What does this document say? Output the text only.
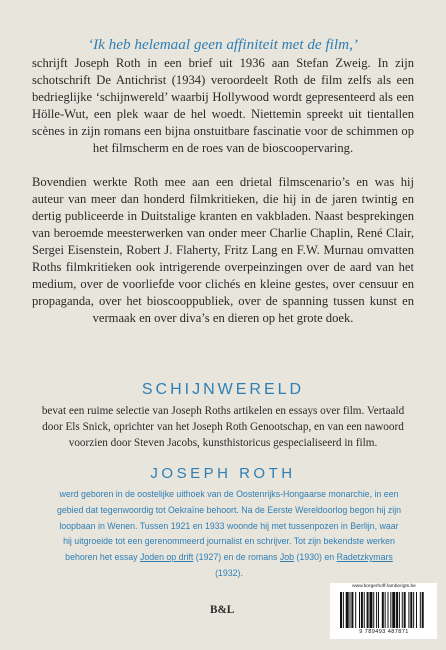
‘Ik heb helemaal geen affiniteit met de film,’

schrijft Joseph Roth in een brief uit 1936 aan Stefan Zweig. In zijn schotschrift De Antichrist (1934) veroordeelt Roth de film zelfs als een bedrieglijke ‘schijnwereld’ waarbij Hollywood wordt gepresenteerd als een Hölle-Wut, een plek waar de hel woedt. Niettemin spreekt uit tientallen scènes in zijn romans een bijna onstuitbare fascinatie voor de schimmen op het filmscherm en de roes van de bioscoopervaring.

Bovendien werkte Roth mee aan een drietal filmscenario’s en was hij auteur van meer dan honderd filmkritieken, die hij in de jaren twintig en dertig publiceerde in Duitstalige kranten en vakbladen. Naast besprekingen van beroemde meesterwerken van onder meer Charlie Chaplin, René Clair, Sergei Eisenstein, Robert J. Flaherty, Fritz Lang en F.W. Murnau omvatten Roths filmkritieken ook intrigerende overpeinzingen over de aard van het medium, over de voorliefde voor clichés en kleine gestes, over censuur en propaganda, over het bioscooppubliek, over de spanning tussen kunst en vermaak en over diva’s en dieren op het grote doek.

SCHIJNWERELD

bevat een ruime selectie van Joseph Roths artikelen en essays over film. Vertaald door Els Snick, oprichter van het Joseph Roth Genootschap, en van een nawoord voorzien door Steven Jacobs, kunsthistoricus gespecialiseerd in film.

JOSEPH ROTH

werd geboren in de oostelijke uithoek van de Oostenrijks-Hongaarse monarchie, in een gebied dat tegenwoordig tot Oekraïne behoort. Na de Eerste Wereldoorlog begon hij zijn loopbaan in Wenen. Tussen 1921 en 1933 woonde hij met tussenpozen in Berlijn, waar hij uitgroeide tot een gerenommeerd journalist en schrijver. Tot zijn bekendste werken behoren het essay Joden op drift (1927) en de romans Job (1930) en Radetzkymars (1932).

B&L
www.borgerhoff-lamberigts.be
9 789493 487871
